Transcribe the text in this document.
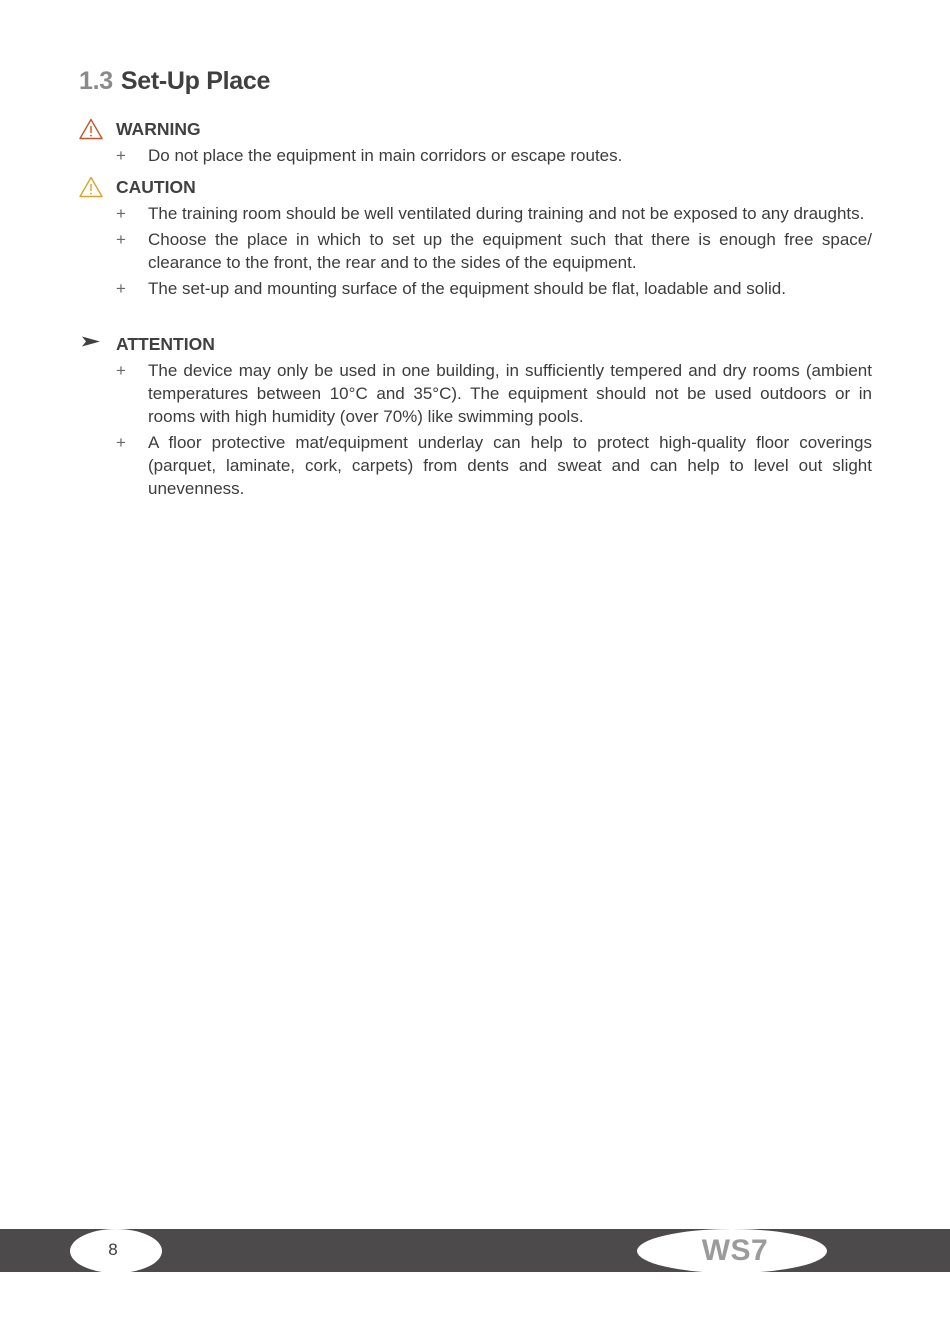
1.3 Set-Up Place
WARNING
+ Do not place the equipment in main corridors or escape routes.
CAUTION
+ The training room should be well ventilated during training and not be exposed to any draughts.
+ Choose the place in which to set up the equipment such that there is enough free space/ clearance to the front, the rear and to the sides of the equipment.
+ The set-up and mounting surface of the equipment should be flat, loadable and solid.
ATTENTION
+ The device may only be used in one building, in sufficiently tempered and dry rooms (ambient temperatures between 10°C and 35°C). The equipment should not be used outdoors or in rooms with high humidity (over 70%) like swimming pools.
+ A floor protective mat/equipment underlay can help to protect high-quality floor coverings (parquet, laminate, cork, carpets) from dents and sweat and can help to level out slight unevenness.
8	WS7
